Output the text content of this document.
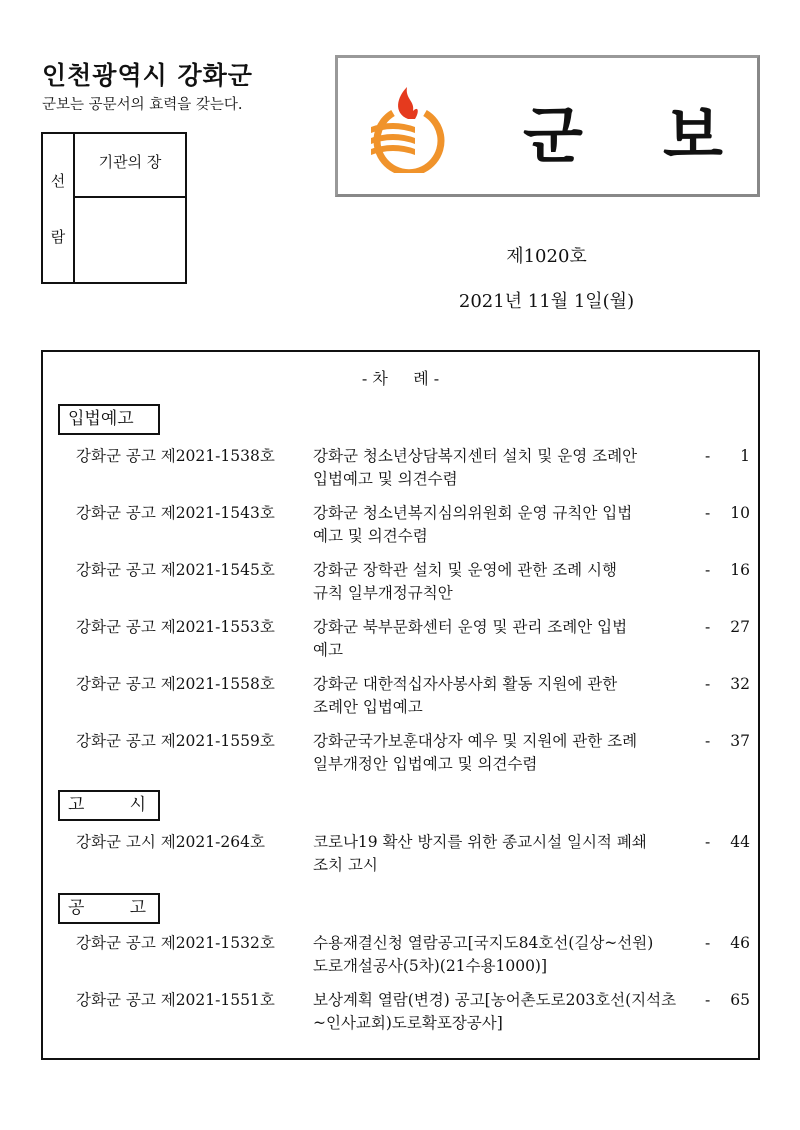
인천광역시 강화군
군보는 공문서의 효력을 갖는다.
선
람
기관의 장	군 보
제1020호
2021년 11월 1일(월)
- 차     례 -
입법예고
강화군 공고 제2021-1538호 강화군 청소년상담복지센터 설치 및 운영 조례안
입법예고 및 의견수렴
- 1
강화군 공고 제2021-1543호 강화군 청소년복지심의위원회 운영 규칙안 입법
예고 및 의견수렴
- 10
강화군 공고 제2021-1545호 강화군 장학관 설치 및 운영에 관한 조례 시행
규칙 일부개정규칙안
- 16
강화군 공고 제2021-1553호 강화군 북부문화센터 운영 및 관리 조례안 입법
예고
- 27
강화군 공고 제2021-1558호 강화군 대한적십자사봉사회 활동 지원에 관한
조례안 입법예고
- 32
강화군 공고 제2021-1559호 강화군국가보훈대상자 예우 및 지원에 관한 조례
일부개정안 입법예고 및 의견수렴
- 37
고	시
강화군 고시 제2021-264호	코로나19 확산 방지를 위한 종교시설 일시적 폐쇄
조치 고시
- 44
공	고
강화군 공고 제2021-1532호 수용재결신청 열람공고[국지도84호선(길상~선원)
도로개설공사(5차)(21수용1000)]
- 46
강화군 공고 제2021-1551호 보상계획 열람(변경) 공고[농어촌도로203호선(지석초
~인사교회)도로확포장공사]
- 65
